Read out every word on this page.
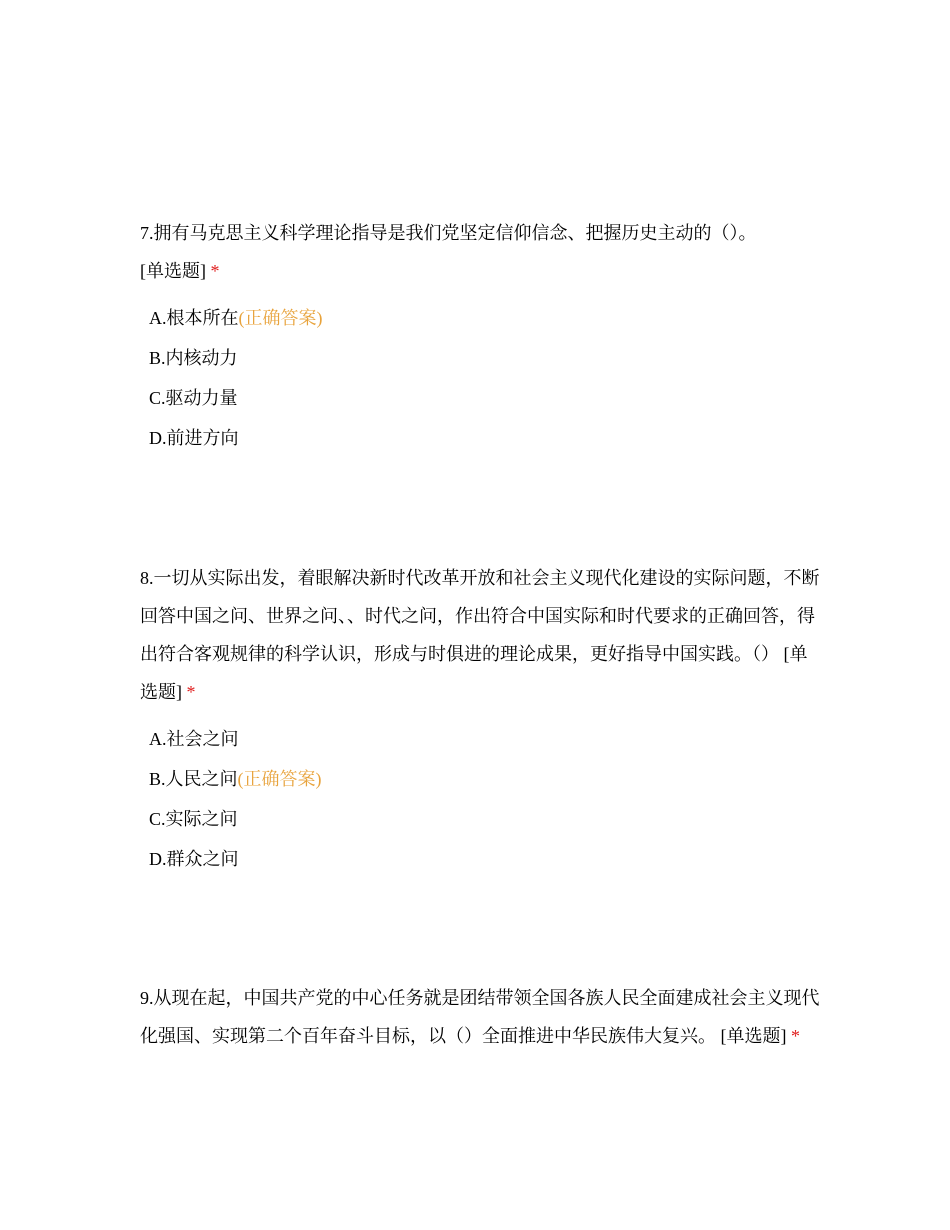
7.拥有马克思主义科学理论指导是我们党坚定信仰信念、把握历史主动的（）。
[单选题] *

A.根本所在(正确答案)
B.内核动力
C.驱动力量
D.前进方向

8.一切从实际出发，着眼解决新时代改革开放和社会主义现代化建设的实际问题，不断回答中国之问、世界之问、、时代之问，作出符合中国实际和时代要求的正确回答，得出符合客观规律的科学认识，形成与时俱进的理论成果，更好指导中国实践。（） [单选题] *

A.社会之问
B.人民之问(正确答案)
C.实际之问
D.群众之问

9.从现在起，中国共产党的中心任务就是团结带领全国各族人民全面建成社会主义现代化强国、实现第二个百年奋斗目标，以（）全面推进中华民族伟大复兴。 [单选题] *
